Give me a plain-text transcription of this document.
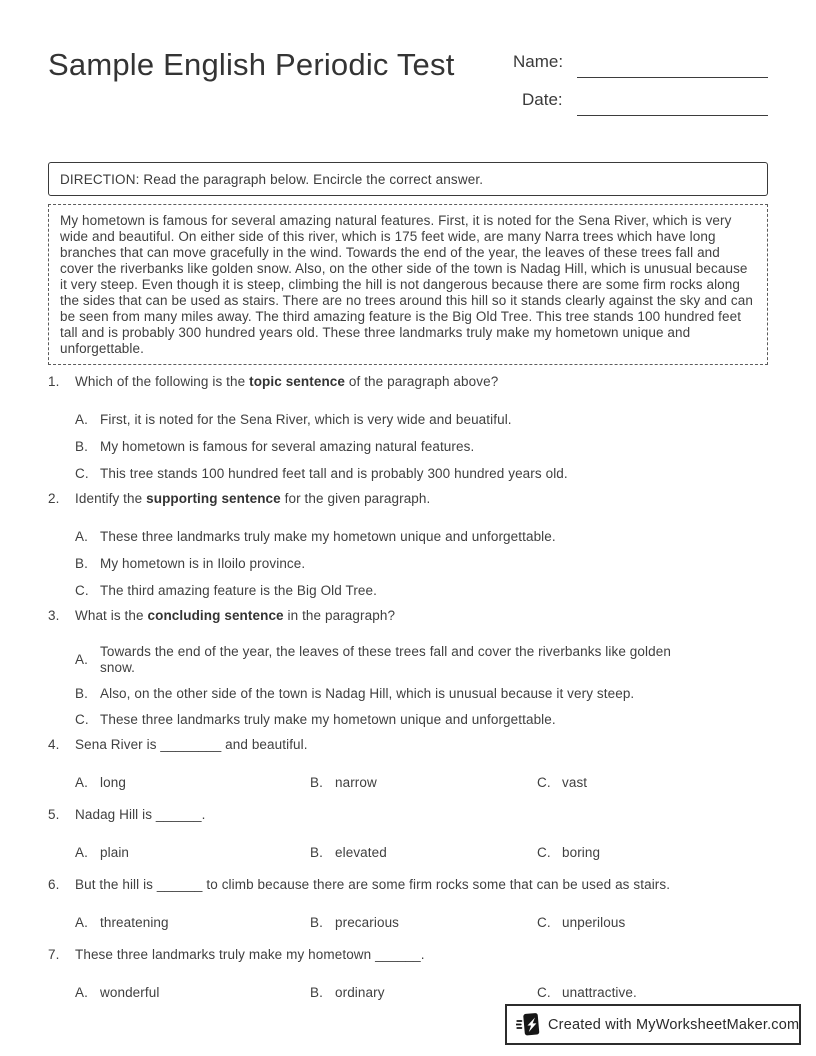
Sample English Periodic Test	Name:
Date:
DIRECTION: Read the paragraph below. Encircle the correct answer.
My hometown is famous for several amazing natural features. First, it is noted for the Sena River, which is very wide and beautiful. On either side of this river, which is 175 feet wide, are many Narra trees which have long branches that can move gracefully in the wind. Towards the end of the year, the leaves of these trees fall and cover the riverbanks like golden snow. Also, on the other side of the town is Nadag Hill, which is unusual because it very steep. Even though it is steep, climbing the hill is not dangerous because there are some firm rocks along the sides that can be used as stairs. There are no trees around this hill so it stands clearly against the sky and can be seen from many miles away. The third amazing feature is the Big Old Tree. This tree stands 100 hundred feet tall and is probably 300 hundred years old. These three landmarks truly make my hometown unique and unforgettable.
1.	Which of the following is the topic sentence of the paragraph above?
A. First, it is noted for the Sena River, which is very wide and beuatiful.
B. My hometown is famous for several amazing natural features.
C. This tree stands 100 hundred feet tall and is probably 300 hundred years old.
2.	Identify the supporting sentence for the given paragraph.
A. These three landmarks truly make my hometown unique and unforgettable.
B. My hometown is in Iloilo province.
C. The third amazing feature is the Big Old Tree.
3.	What is the concluding sentence in the paragraph?
A.
Towards the end of the year, the leaves of these trees fall and cover the riverbanks like golden snow.
B. Also, on the other side of the town is Nadag Hill, which is unusual because it very steep.
C. These three landmarks truly make my hometown unique and unforgettable.
4.	Sena River is ________ and beautiful.
A. long	B. narrow	C. vast
5.	Nadag Hill is ______.
A. plain	B. elevated	C. boring
6.	But the hill is ______ to climb because there are some firm rocks some that can be used as stairs.
A. threatening	B. precarious	C. unperilous
7.	These three landmarks truly make my hometown ______.
A. wonderful	B. ordinary	C. unattractive.
Created with MyWorksheetMaker.com
